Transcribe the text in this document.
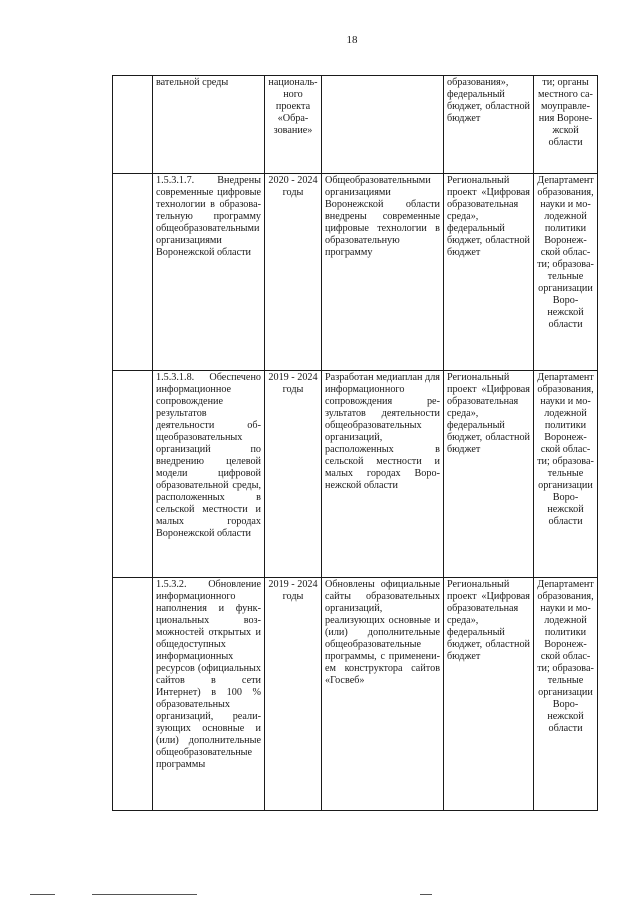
18
	вательной среды	национального проекта «Образование»		образования», федеральный бюджет, областной бюджет	ти; органы местного самоуправления Воронежской области
	1.5.3.1.7. Внедрены современные цифровые технологии в образовательную программу общеобразовательными организациями Воронежской области	2020 - 2024 годы	Общеобразовательными организациями Воронежской области внедрены современные цифровые технологии в образовательную программу	Региональный проект «Цифровая образовательная среда», федеральный бюджет, областной бюджет	Департамент образования, науки и молодежной политики Воронежской области; образовательные организации Воронежской области
	1.5.3.1.8. Обеспечено информационное сопровождение результатов деятельности общеобразовательных организаций по внедрению целевой модели цифровой образовательной среды, расположенных в сельской местности и малых городах Воронежской области	2019 - 2024 годы	Разработан медиаплан для информационного сопровождения результатов деятельности общеобразовательных организаций, расположенных в сельской местности и малых городах Воронежской области	Региональный проект «Цифровая образовательная среда», федеральный бюджет, областной бюджет	Департамент образования, науки и молодежной политики Воронежской области; образовательные организации Воронежской области
	1.5.3.2. Обновление информационного наполнения и функциональных возможностей открытых и общедоступных информационных ресурсов (официальных сайтов в сети Интернет) в 100 % образовательных организаций, реализующих основные и (или) дополнительные общеобразовательные программы	2019 - 2024 годы	Обновлены официальные сайты образовательных организаций, реализующих основные и (или) дополнительные общеобразовательные программы, с применением конструктора сайтов «Госвеб»	Региональный проект «Цифровая образовательная среда», федеральный бюджет, областной бюджет	Департамент образования, науки и молодежной политики Воронежской области; образовательные организации Воронежской области
